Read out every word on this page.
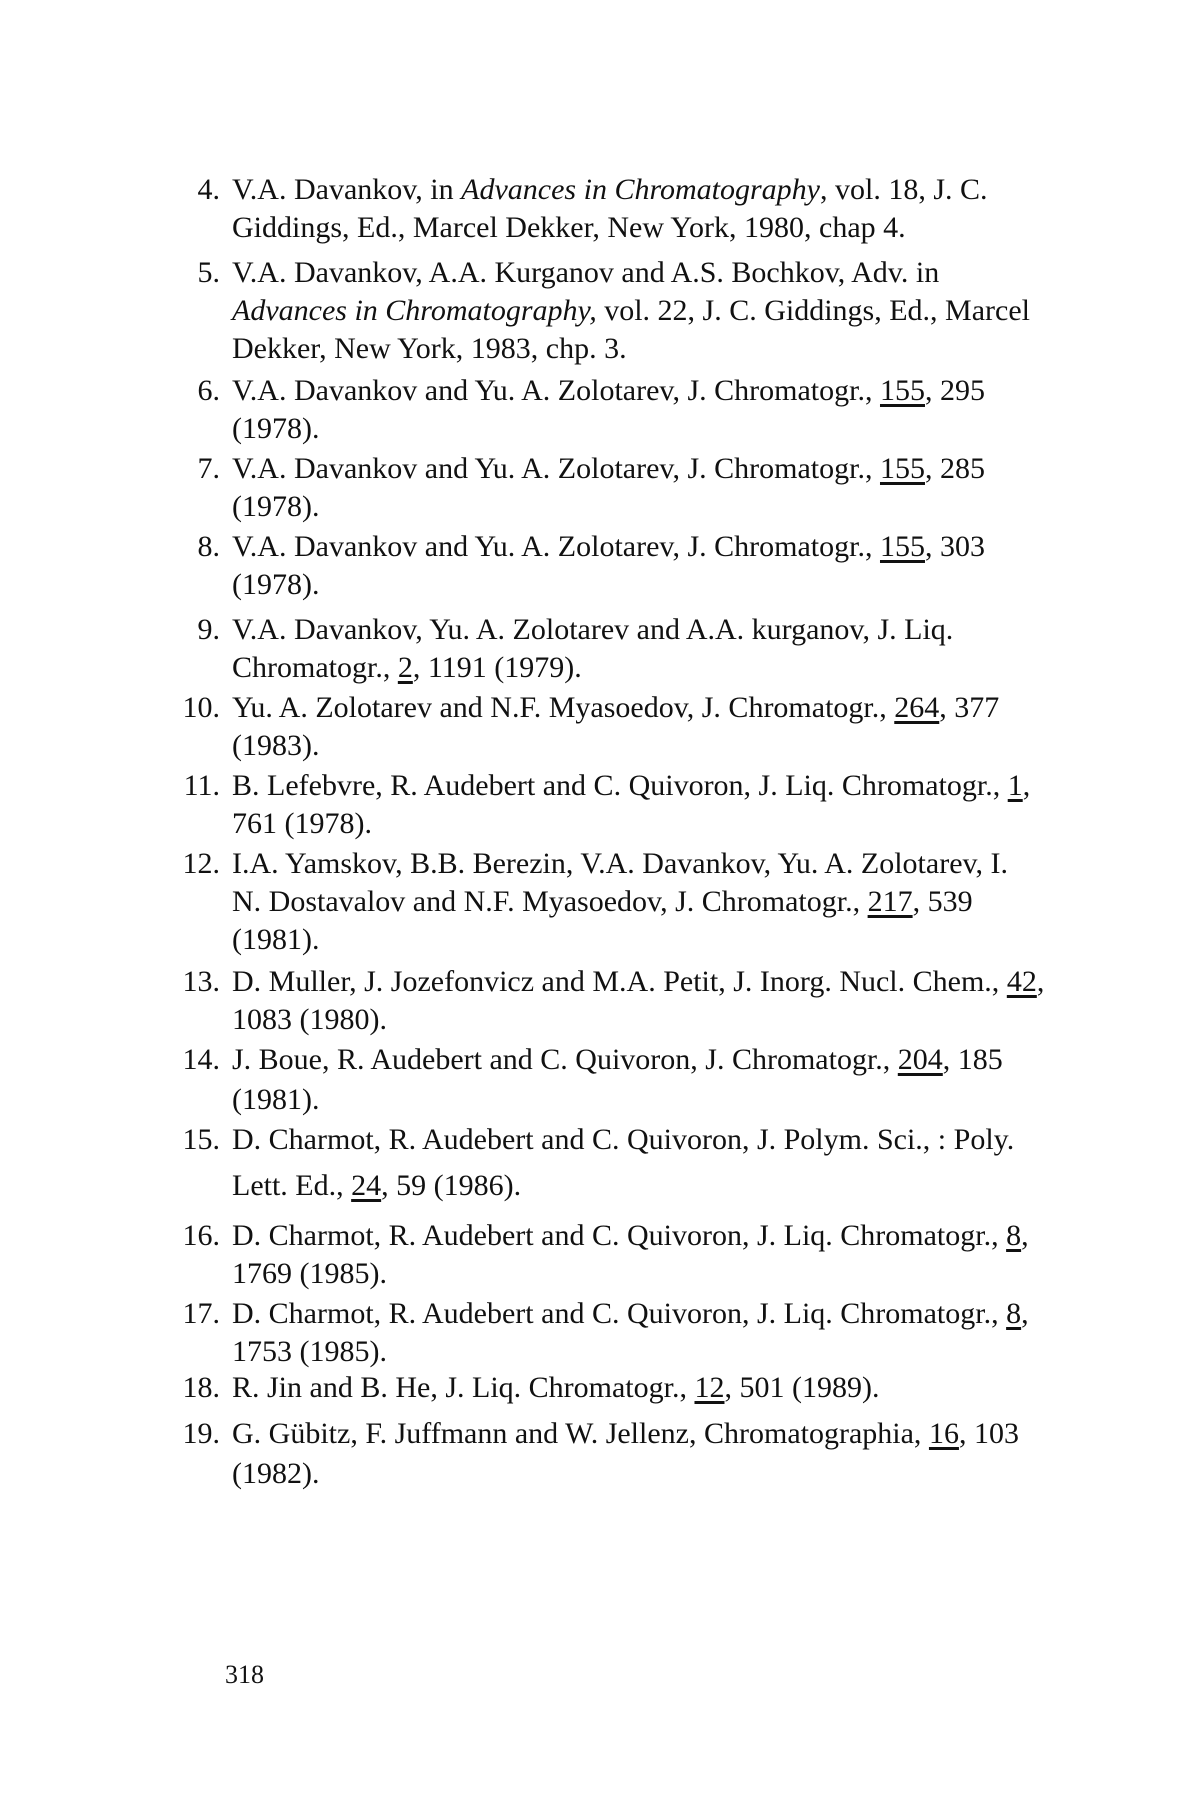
4. V.A. Davankov, in Advances in Chromatography, vol. 18, J. C.
Giddings, Ed., Marcel Dekker, New York, 1980, chap 4.
5. V.A. Davankov, A.A. Kurganov and A.S. Bochkov, Adv. in
Advances in Chromatography, vol. 22, J. C. Giddings, Ed., Marcel
Dekker, New York, 1983, chp. 3.
6. V.A. Davankov and Yu. A. Zolotarev, J. Chromatogr., 155, 295
(1978).
7. V.A. Davankov and Yu. A. Zolotarev, J. Chromatogr., 155, 285
(1978).
8. V.A. Davankov and Yu. A. Zolotarev, J. Chromatogr., 155, 303
(1978).
9. V.A. Davankov, Yu. A. Zolotarev and A.A. kurganov, J. Liq.
Chromatogr., 2, 1191 (1979).
10. Yu. A. Zolotarev and N.F. Myasoedov, J. Chromatogr., 264, 377
(1983).
11. B. Lefebvre, R. Audebert and C. Quivoron, J. Liq. Chromatogr., 1,
761 (1978).
12. I.A. Yamskov, B.B. Berezin, V.A. Davankov, Yu. A. Zolotarev, I.
N. Dostavalov and N.F. Myasoedov, J. Chromatogr., 217, 539
(1981).
13. D. Muller, J. Jozefonvicz and M.A. Petit, J. Inorg. Nucl. Chem., 42,
1083 (1980).
14. J. Boue, R. Audebert and C. Quivoron, J. Chromatogr., 204, 185
(1981).
15. D. Charmot, R. Audebert and C. Quivoron, J. Polym. Sci., : Poly.
Lett. Ed., 24, 59 (1986).
16. D. Charmot, R. Audebert and C. Quivoron, J. Liq. Chromatogr., 8,
1769 (1985).
17. D. Charmot, R. Audebert and C. Quivoron, J. Liq. Chromatogr., 8,
1753 (1985).
18. R. Jin and B. He, J. Liq. Chromatogr., 12, 501 (1989).
19. G. Gübitz, F. Juffmann and W. Jellenz, Chromatographia, 16, 103
(1982).
318
